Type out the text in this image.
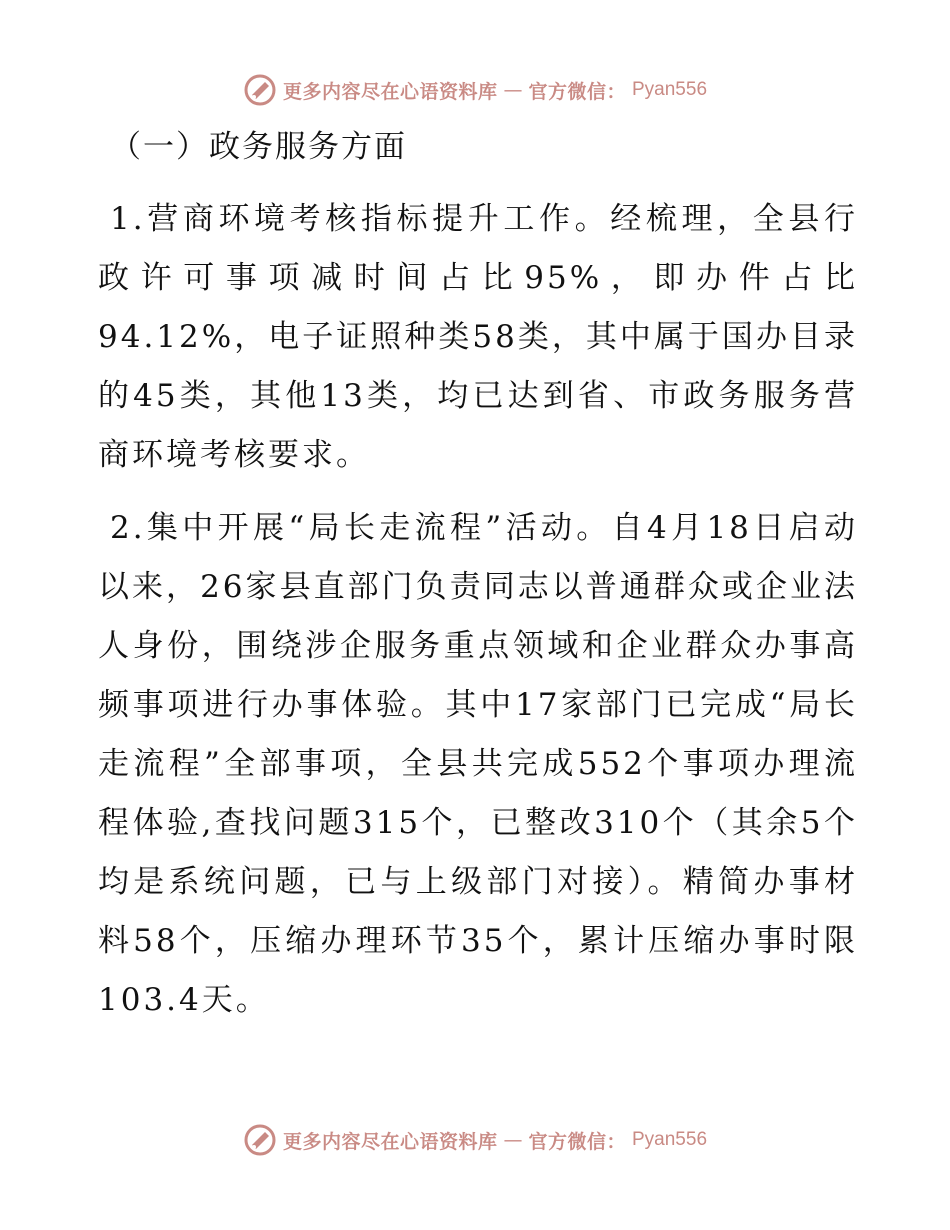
更多内容尽在心语资料库 — 官方微信： Pyan556
（一）政务服务方面

1.营商环境考核指标提升工作。经梳理，全县行政许可事项减时间占比95%，即办件占比94.12%，电子证照种类58类，其中属于国办目录的45类，其他13类，均已达到省、市政务服务营商环境考核要求。

2.集中开展“局长走流程”活动。自4月18日启动以来，26家县直部门负责同志以普通群众或企业法人身份，围绕涉企服务重点领域和企业群众办事高频事项进行办事体验。其中17家部门已完成“局长走流程”全部事项，全县共完成552个事项办理流程体验,查找问题315个，已整改310个（其余5个均是系统问题，已与上级部门对接）。精简办事材料58个，压缩办理环节35个，累计压缩办事时限103.4天。

更多内容尽在心语资料库 — 官方微信： Pyan556
